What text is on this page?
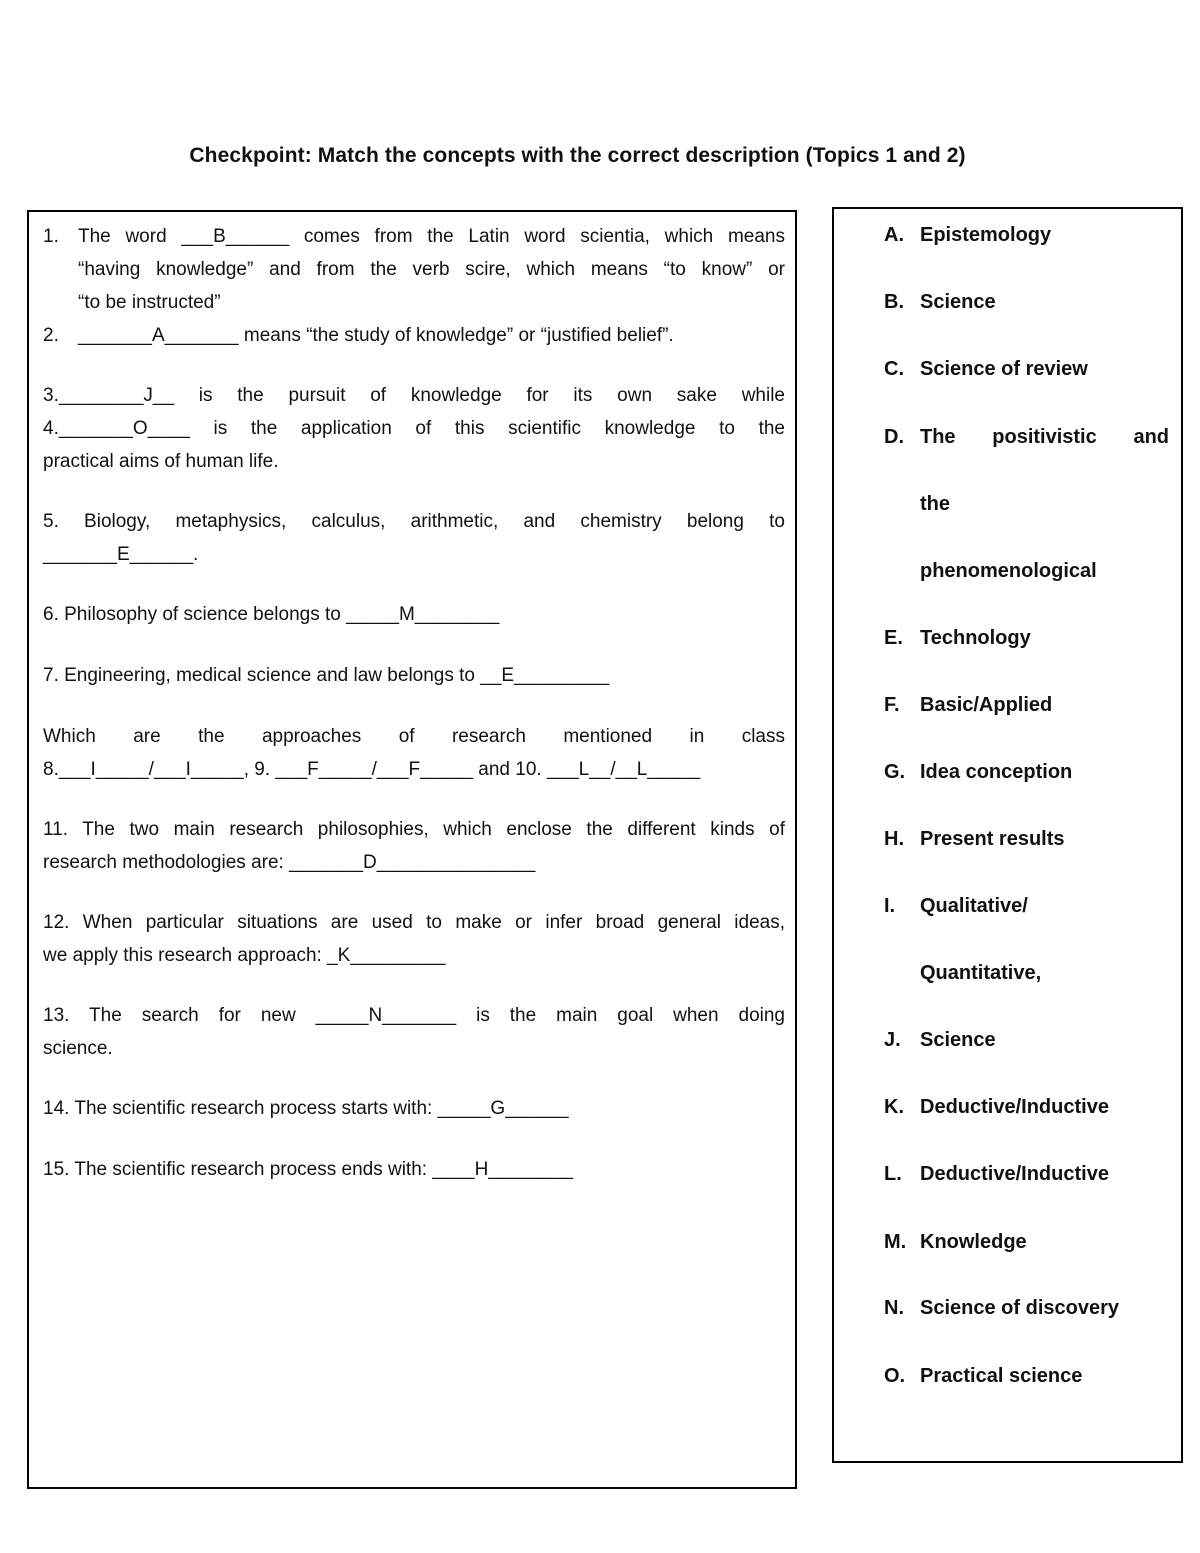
Checkpoint: Match the concepts with the correct description (Topics 1 and 2)
1.	The word ___B______ comes from the Latin word scientia, which means
“having knowledge” and from the verb scire, which means “to know” or
“to be instructed”
2.	_______A_______ means “the study of knowledge” or “justified belief”.
3.________J__ is the pursuit of knowledge for its own sake while
4._______O____ is the application of this scientific knowledge to the
practical aims of human life.
5. Biology, metaphysics, calculus, arithmetic, and chemistry belong to
_______E______.
6. Philosophy of science belongs to _____M________
7. Engineering, medical science and law belongs to __E_________
Which are the approaches of research mentioned in class
8.___I_____/___I_____, 9. ___F_____/___F_____ and 10. ___L__/__L_____
11. The two main research philosophies, which enclose the different kinds of
research methodologies are: _______D_______________
12. When particular situations are used to make or infer broad general ideas,
we apply this research approach: _K_________
13. The search for new _____N_______ is the main goal when doing
science.
14. The scientific research process starts with: _____G______
15. The scientific research process ends with: ____H________
A. Epistemology
B. Science
C. Science of review
D. The positivistic and
the
phenomenological
E. Technology
F.	Basic/Applied
G. Idea conception
H. Present results
I.	Qualitative/
Quantitative,
J. Science
K. Deductive/Inductive
L. Deductive/Inductive
M. Knowledge
N. Science of discovery
O. Practical science
